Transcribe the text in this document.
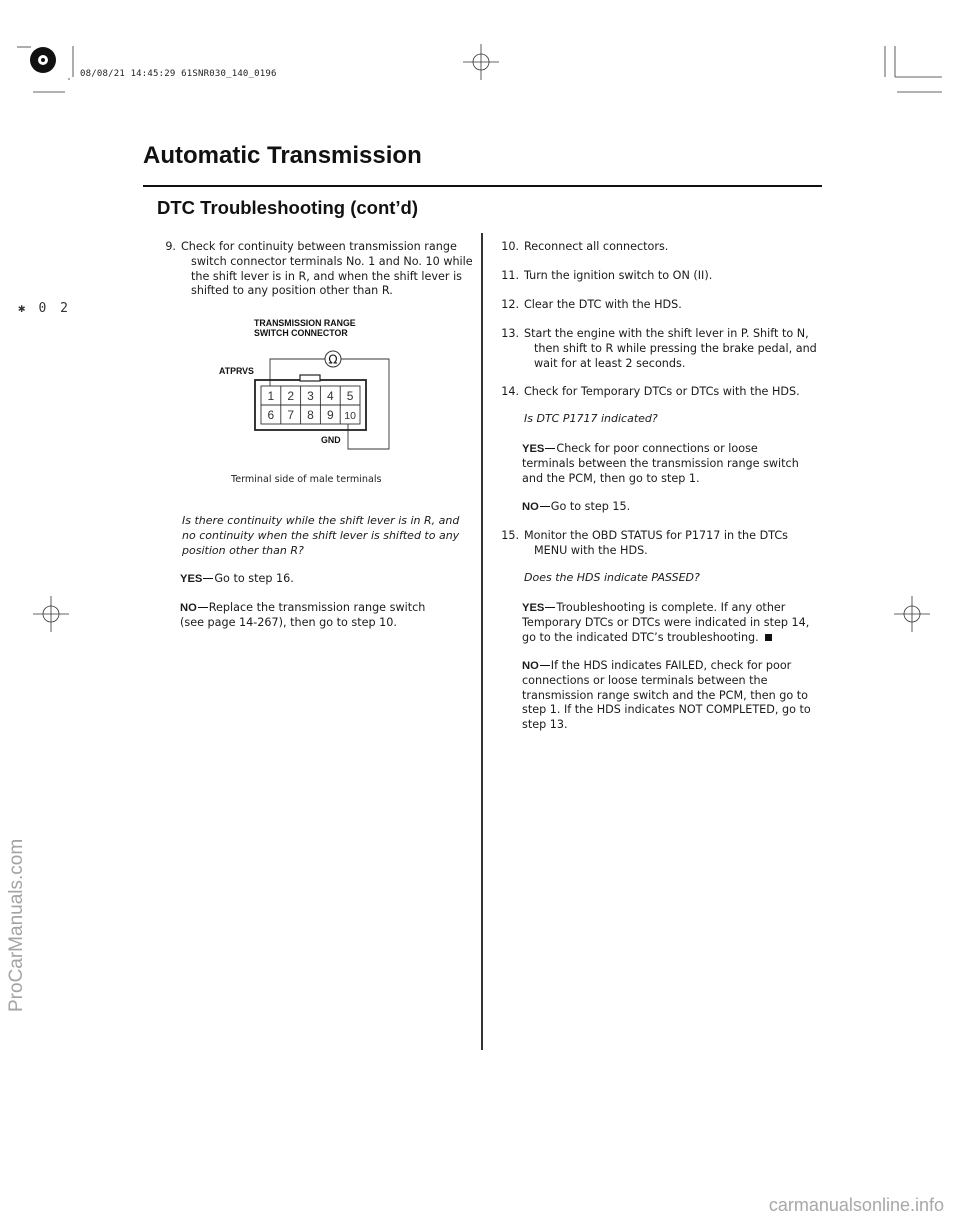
08/08/21 14:45:29 61SNR030_140_0196
✱ 0 2
ProCarManuals.com
carmanualsonline.info
Automatic Transmission
DTC Troubleshooting (cont’d)
9. Check for continuity between transmission range
switch connector terminals No. 1 and No. 10 while
the shift lever is in R, and when the shift lever is
shifted to any position other than R.
TRANSMISSION RANGE
SWITCH CONNECTOR
ATPRVS
GND
Ω
1 2 3 4 5
6 7 8 9 10
Terminal side of male terminals
Is there continuity while the shift lever is in R, and
no continuity when the shift lever is shifted to any
position other than R?
YES Go to step 16.
NO Replace the transmission range switch
(see page 14-267), then go to step 10.
10. Reconnect all connectors.
11. Turn the ignition switch to ON (II).
12. Clear the DTC with the HDS.
13. Start the engine with the shift lever in P. Shift to N,
then shift to R while pressing the brake pedal, and
wait for at least 2 seconds.
14. Check for Temporary DTCs or DTCs with the HDS.
Is DTC P1717 indicated?
YES Check for poor connections or loose
terminals between the transmission range switch
and the PCM, then go to step 1.
NO Go to step 15.
15. Monitor the OBD STATUS for P1717 in the DTCs
MENU with the HDS.
Does the HDS indicate PASSED?
YES Troubleshooting is complete. If any other
Temporary DTCs or DTCs were indicated in step 14,
go to the indicated DTC’s troubleshooting.
NO If the HDS indicates FAILED, check for poor
connections or loose terminals between the
transmission range switch and the PCM, then go to
step 1. If the HDS indicates NOT COMPLETED, go to
step 13.
